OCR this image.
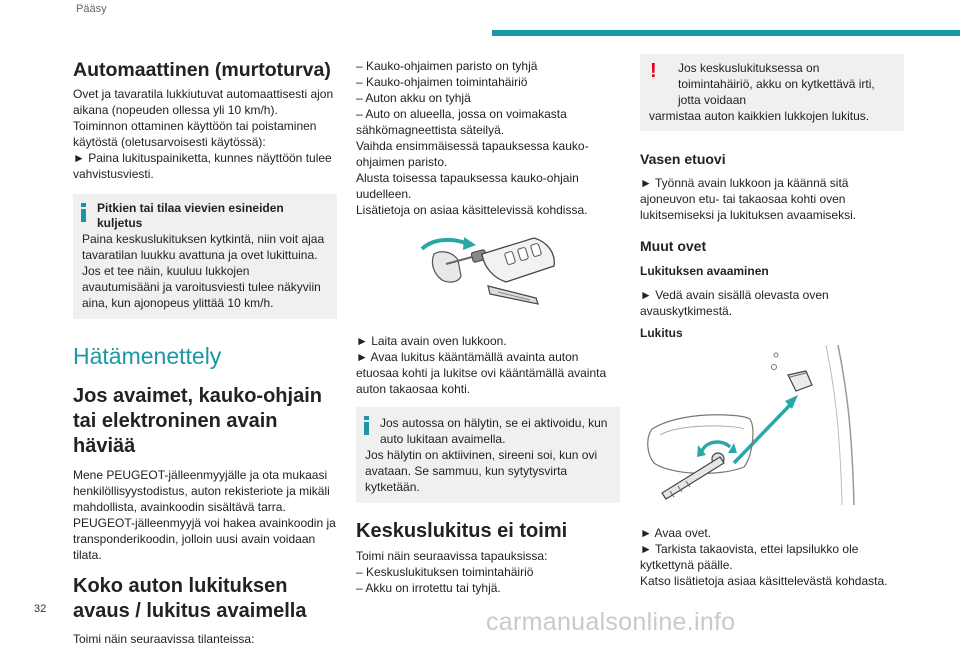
Pääsy
Automaattinen (murtoturva)

Ovet ja tavaratila lukkiutuvat automaattisesti ajon aikana (nopeuden ollessa yli 10 km/h).

Toiminnon ottaminen käyttöön tai poistaminen käytöstä (oletusarvoisesti käytössä):

► Paina lukituspainiketta, kunnes näyttöön tulee vahvistusviesti.

Pitkien tai tilaa vievien esineiden kuljetus

Paina keskuslukituksen kytkintä, niin voit ajaa tavaratilan luukku avattuna ja ovet lukittuina. Jos et tee näin, kuuluu lukkojen avautumisääni ja varoitusviesti tulee näkyviin aina, kun ajonopeus ylittää 10 km/h.

Hätämenettely
Jos avaimet, kauko-ohjain tai elektroninen avain häviää

Mene PEUGEOT-jälleenmyyjälle ja ota mukaasi henkilöllisyystodistus, auton rekisteriote ja mikäli mahdollista, avainkoodin sisältävä tarra.

PEUGEOT-jälleenmyyjä voi hakea avainkoodin ja transponderikoodin, jolloin uusi avain voidaan tilata.

Koko auton lukituksen avaus / lukitus avaimella

Toimi näin seuraavissa tilanteissa:

– Kauko-ohjaimen paristo on tyhjä

– Kauko-ohjaimen toimintahäiriö

– Auton akku on tyhjä

– Auto on alueella, jossa on voimakasta sähkömagneettista säteilyä.

Vaihda ensimmäisessä tapauksessa kauko-ohjaimen paristo.

Alusta toisessa tapauksessa kauko-ohjain uudelleen.

Lisätietoja on asiaa käsittelevissä kohdissa.

► Laita avain oven lukkoon.

► Avaa lukitus kääntämällä avainta auton etuosaa kohti ja lukitse ovi kääntämällä avainta auton takaosaa kohti.

Jos autossa on hälytin, se ei aktivoidu, kun auto lukitaan avaimella.

Jos hälytin on aktiivinen, sireeni soi, kun ovi avataan. Se sammuu, kun sytytysvirta kytketään.

Keskuslukitus ei toimi

Toimi näin seuraavissa tapauksissa:

– Keskuslukituksen toimintahäiriö

– Akku on irrotettu tai tyhjä.

!	Jos keskuslukituksessa on toimintahäiriö, akku on kytkettävä irti, jotta voidaan

varmistaa auton kaikkien lukkojen lukitus.

Vasen etuovi

► Työnnä avain lukkoon ja käännä sitä ajoneuvon etu- tai takaosaa kohti oven lukitsemiseksi ja lukituksen avaamiseksi.

Muut ovet
Lukituksen avaaminen

► Vedä avain sisällä olevasta oven avauskytkimestä.

Lukitus

► Avaa ovet.

► Tarkista takaovista, ettei lapsilukko ole kytkettynä päälle.

Katso lisätietoja asiaa käsittelevästä kohdasta.

32	carmanualsonline.info
